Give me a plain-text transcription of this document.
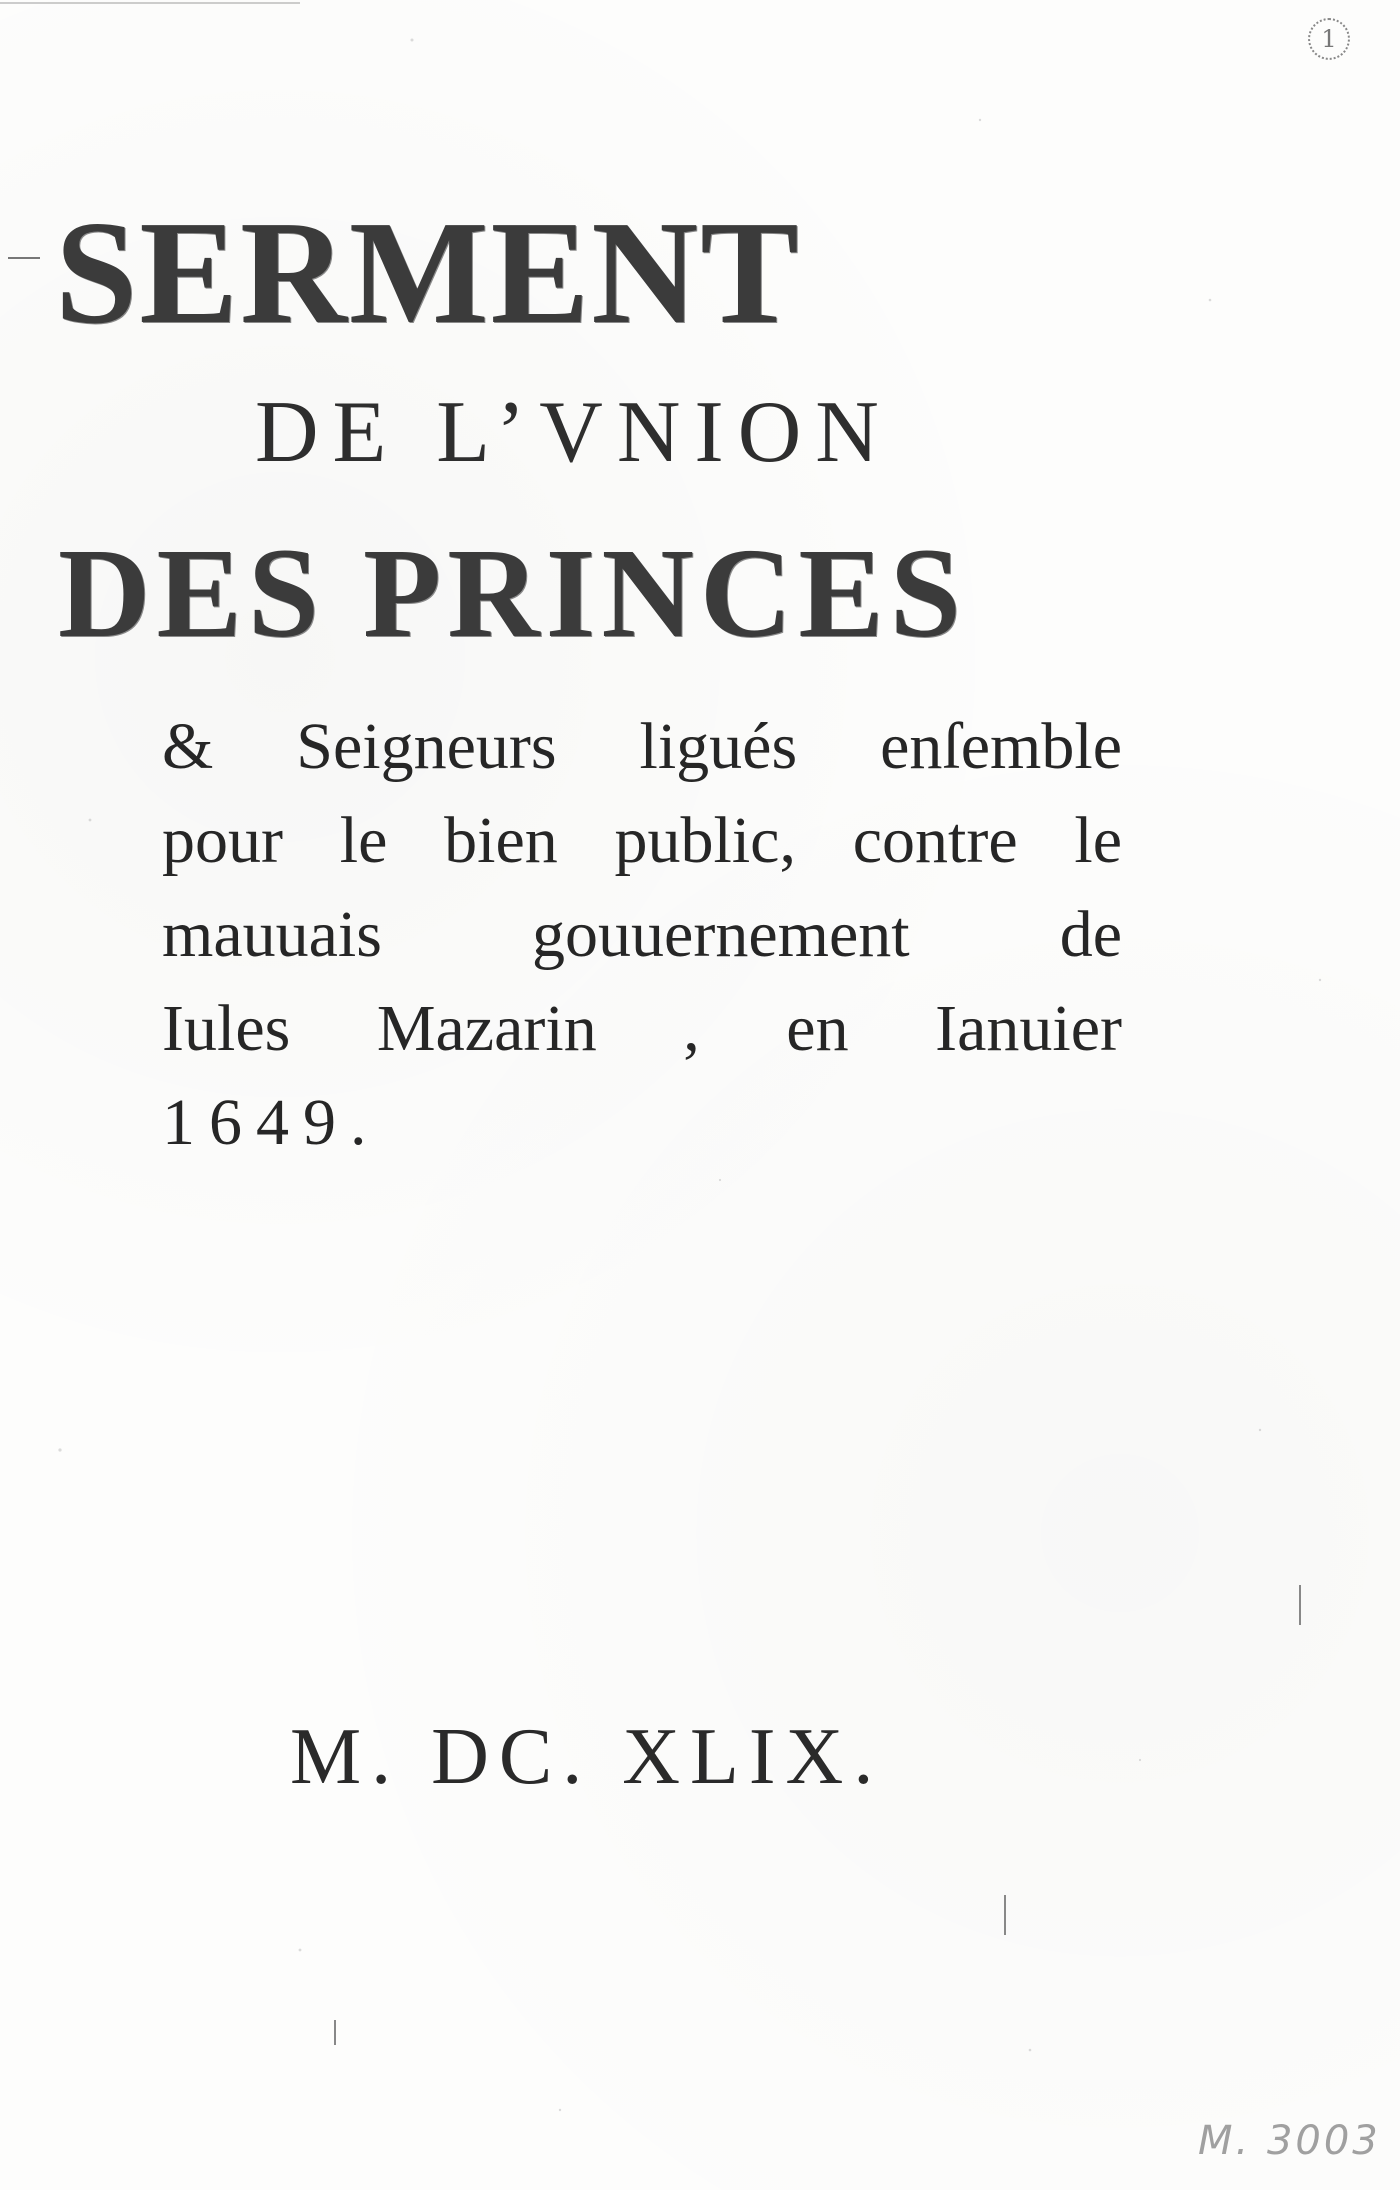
1
SERMENT
DE L’VNION
DES PRINCES
& Seigneurs ligués enſemble
pour le bien public, contre le
mauuais gouuernement de
Iules Mazarin , en Ianuier
1649.
M. DC. XLIX.
M. 3003
